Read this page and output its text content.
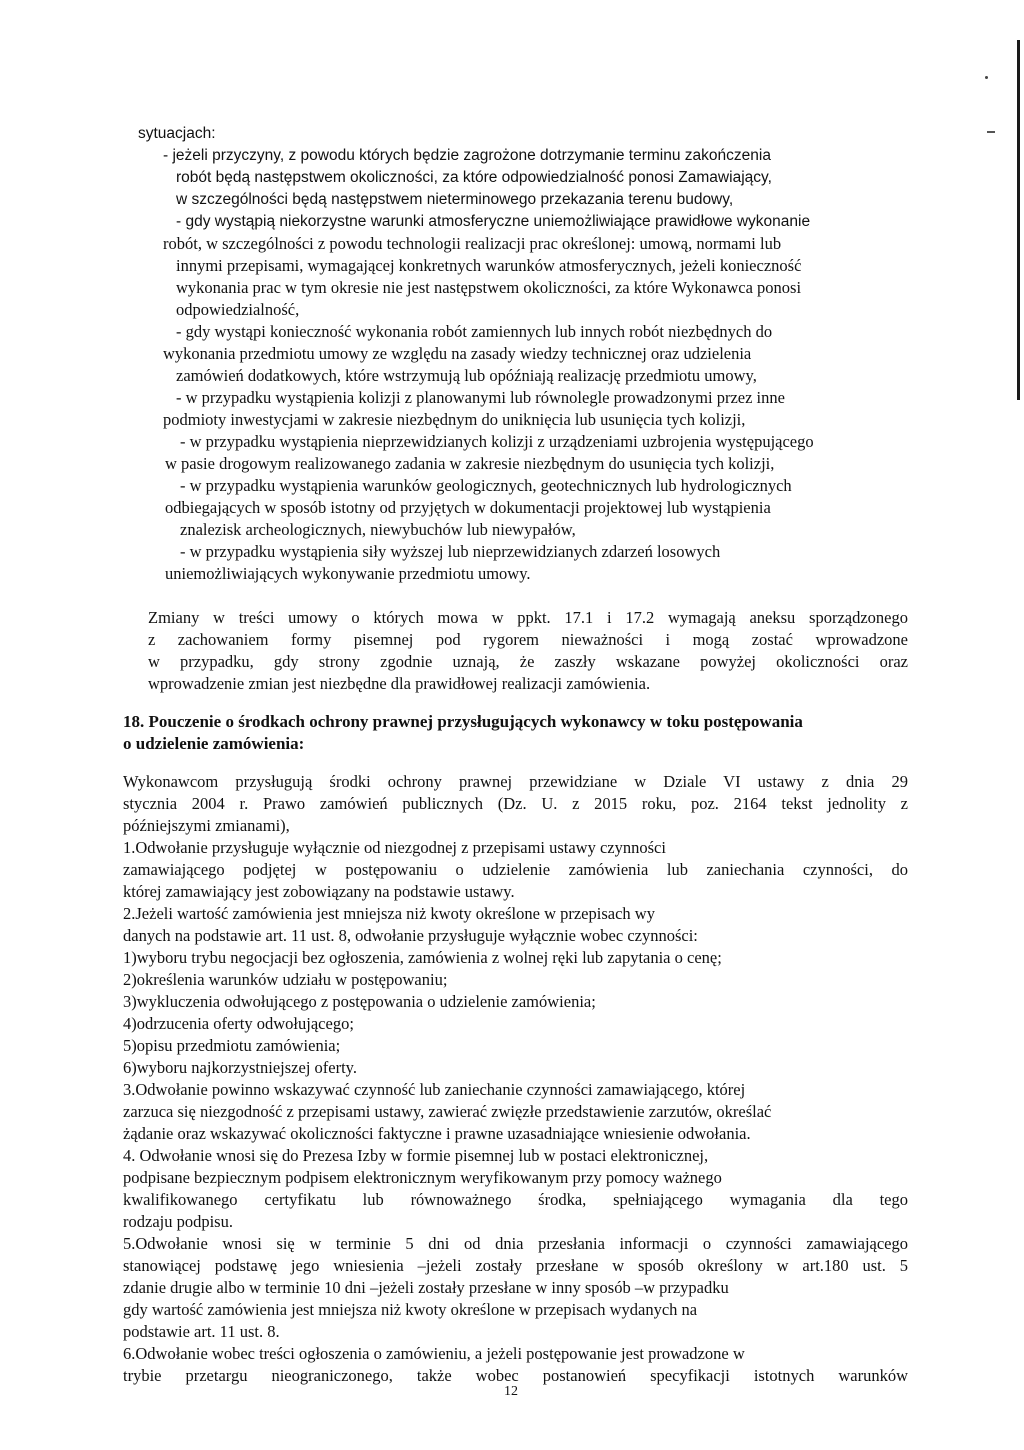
sytuacjach:
- jeżeli przyczyny, z powodu których będzie zagrożone dotrzymanie terminu zakończenia
robót będą następstwem okoliczności, za które odpowiedzialność ponosi Zamawiający,
w szczególności będą następstwem nieterminowego przekazania terenu budowy,
- gdy wystąpią niekorzystne warunki atmosferyczne uniemożliwiające prawidłowe wykonanie
robót, w szczególności z powodu technologii realizacji prac określonej: umową, normami lub
innymi przepisami, wymagającej konkretnych warunków atmosferycznych, jeżeli konieczność
wykonania prac w tym okresie nie jest następstwem okoliczności, za które Wykonawca ponosi
odpowiedzialność,
- gdy wystąpi konieczność wykonania robót zamiennych lub innych robót niezbędnych do
wykonania przedmiotu umowy ze względu na zasady wiedzy technicznej oraz udzielenia
zamówień dodatkowych, które wstrzymują lub opóźniają realizację przedmiotu umowy,
- w przypadku wystąpienia kolizji z planowanymi lub równolegle prowadzonymi przez inne
podmioty inwestycjami w zakresie niezbędnym do uniknięcia lub usunięcia tych kolizji,
- w przypadku wystąpienia nieprzewidzianych kolizji z urządzeniami uzbrojenia występującego
w pasie drogowym realizowanego zadania w zakresie niezbędnym do usunięcia tych kolizji,
- w przypadku wystąpienia warunków geologicznych, geotechnicznych lub hydrologicznych
odbiegających w sposób istotny od przyjętych w dokumentacji projektowej lub wystąpienia
znalezisk archeologicznych, niewybuchów lub niewypałów,
- w przypadku wystąpienia siły wyższej lub nieprzewidzianych zdarzeń losowych
uniemożliwiających wykonywanie przedmiotu umowy.
Zmiany w treści umowy o których mowa w ppkt. 17.1 i 17.2 wymagają aneksu sporządzonego
z zachowaniem formy pisemnej pod rygorem nieważności i mogą zostać wprowadzone
w przypadku, gdy strony zgodnie uznają, że zaszły wskazane powyżej okoliczności oraz
wprowadzenie zmian jest niezbędne dla prawidłowej realizacji zamówienia.
18. Pouczenie o środkach ochrony prawnej przysługujących wykonawcy w toku postępowania
o udzielenie zamówienia:
Wykonawcom przysługują środki ochrony prawnej przewidziane w Dziale VI ustawy z dnia 29
stycznia 2004 r. Prawo zamówień publicznych (Dz. U. z 2015 roku, poz. 2164 tekst jednolity z
późniejszymi zmianami),
1.Odwołanie przysługuje wyłącznie od niezgodnej z przepisami ustawy czynności
zamawiającego podjętej w postępowaniu o udzielenie zamówienia lub zaniechania czynności, do
której zamawiający jest zobowiązany na podstawie ustawy.
2.Jeżeli wartość zamówienia jest mniejsza niż kwoty określone w przepisach wy
danych na podstawie art. 11 ust. 8, odwołanie przysługuje wyłącznie wobec czynności:
1)wyboru trybu negocjacji bez ogłoszenia, zamówienia z wolnej ręki lub zapytania o cenę;
2)określenia warunków udziału w postępowaniu;
3)wykluczenia odwołującego z postępowania o udzielenie zamówienia;
4)odrzucenia oferty odwołującego;
5)opisu przedmiotu zamówienia;
6)wyboru najkorzystniejszej oferty.
3.Odwołanie powinno wskazywać czynność lub zaniechanie czynności zamawiającego, której
zarzuca się niezgodność z przepisami ustawy, zawierać zwięzłe przedstawienie zarzutów, określać
żądanie oraz wskazywać okoliczności faktyczne i prawne uzasadniające wniesienie odwołania.
4. Odwołanie wnosi się do Prezesa Izby w formie pisemnej lub w postaci elektronicznej,
podpisane bezpiecznym podpisem elektronicznym weryfikowanym przy pomocy ważnego
kwalifikowanego certyfikatu lub równoważnego środka, spełniającego wymagania dla tego
rodzaju podpisu.
5.Odwołanie wnosi się w terminie 5 dni od dnia przesłania informacji o czynności zamawiającego
stanowiącej podstawę jego wniesienia –jeżeli zostały przesłane w sposób określony w art.180 ust. 5
zdanie drugie albo w terminie 10 dni –jeżeli zostały przesłane w inny sposób –w przypadku
gdy wartość zamówienia jest mniejsza niż kwoty określone w przepisach wydanych na
podstawie art. 11 ust. 8.
6.Odwołanie wobec treści ogłoszenia o zamówieniu, a jeżeli postępowanie jest prowadzone w
trybie przetargu nieograniczonego, także wobec postanowień specyfikacji istotnych warunków
12
